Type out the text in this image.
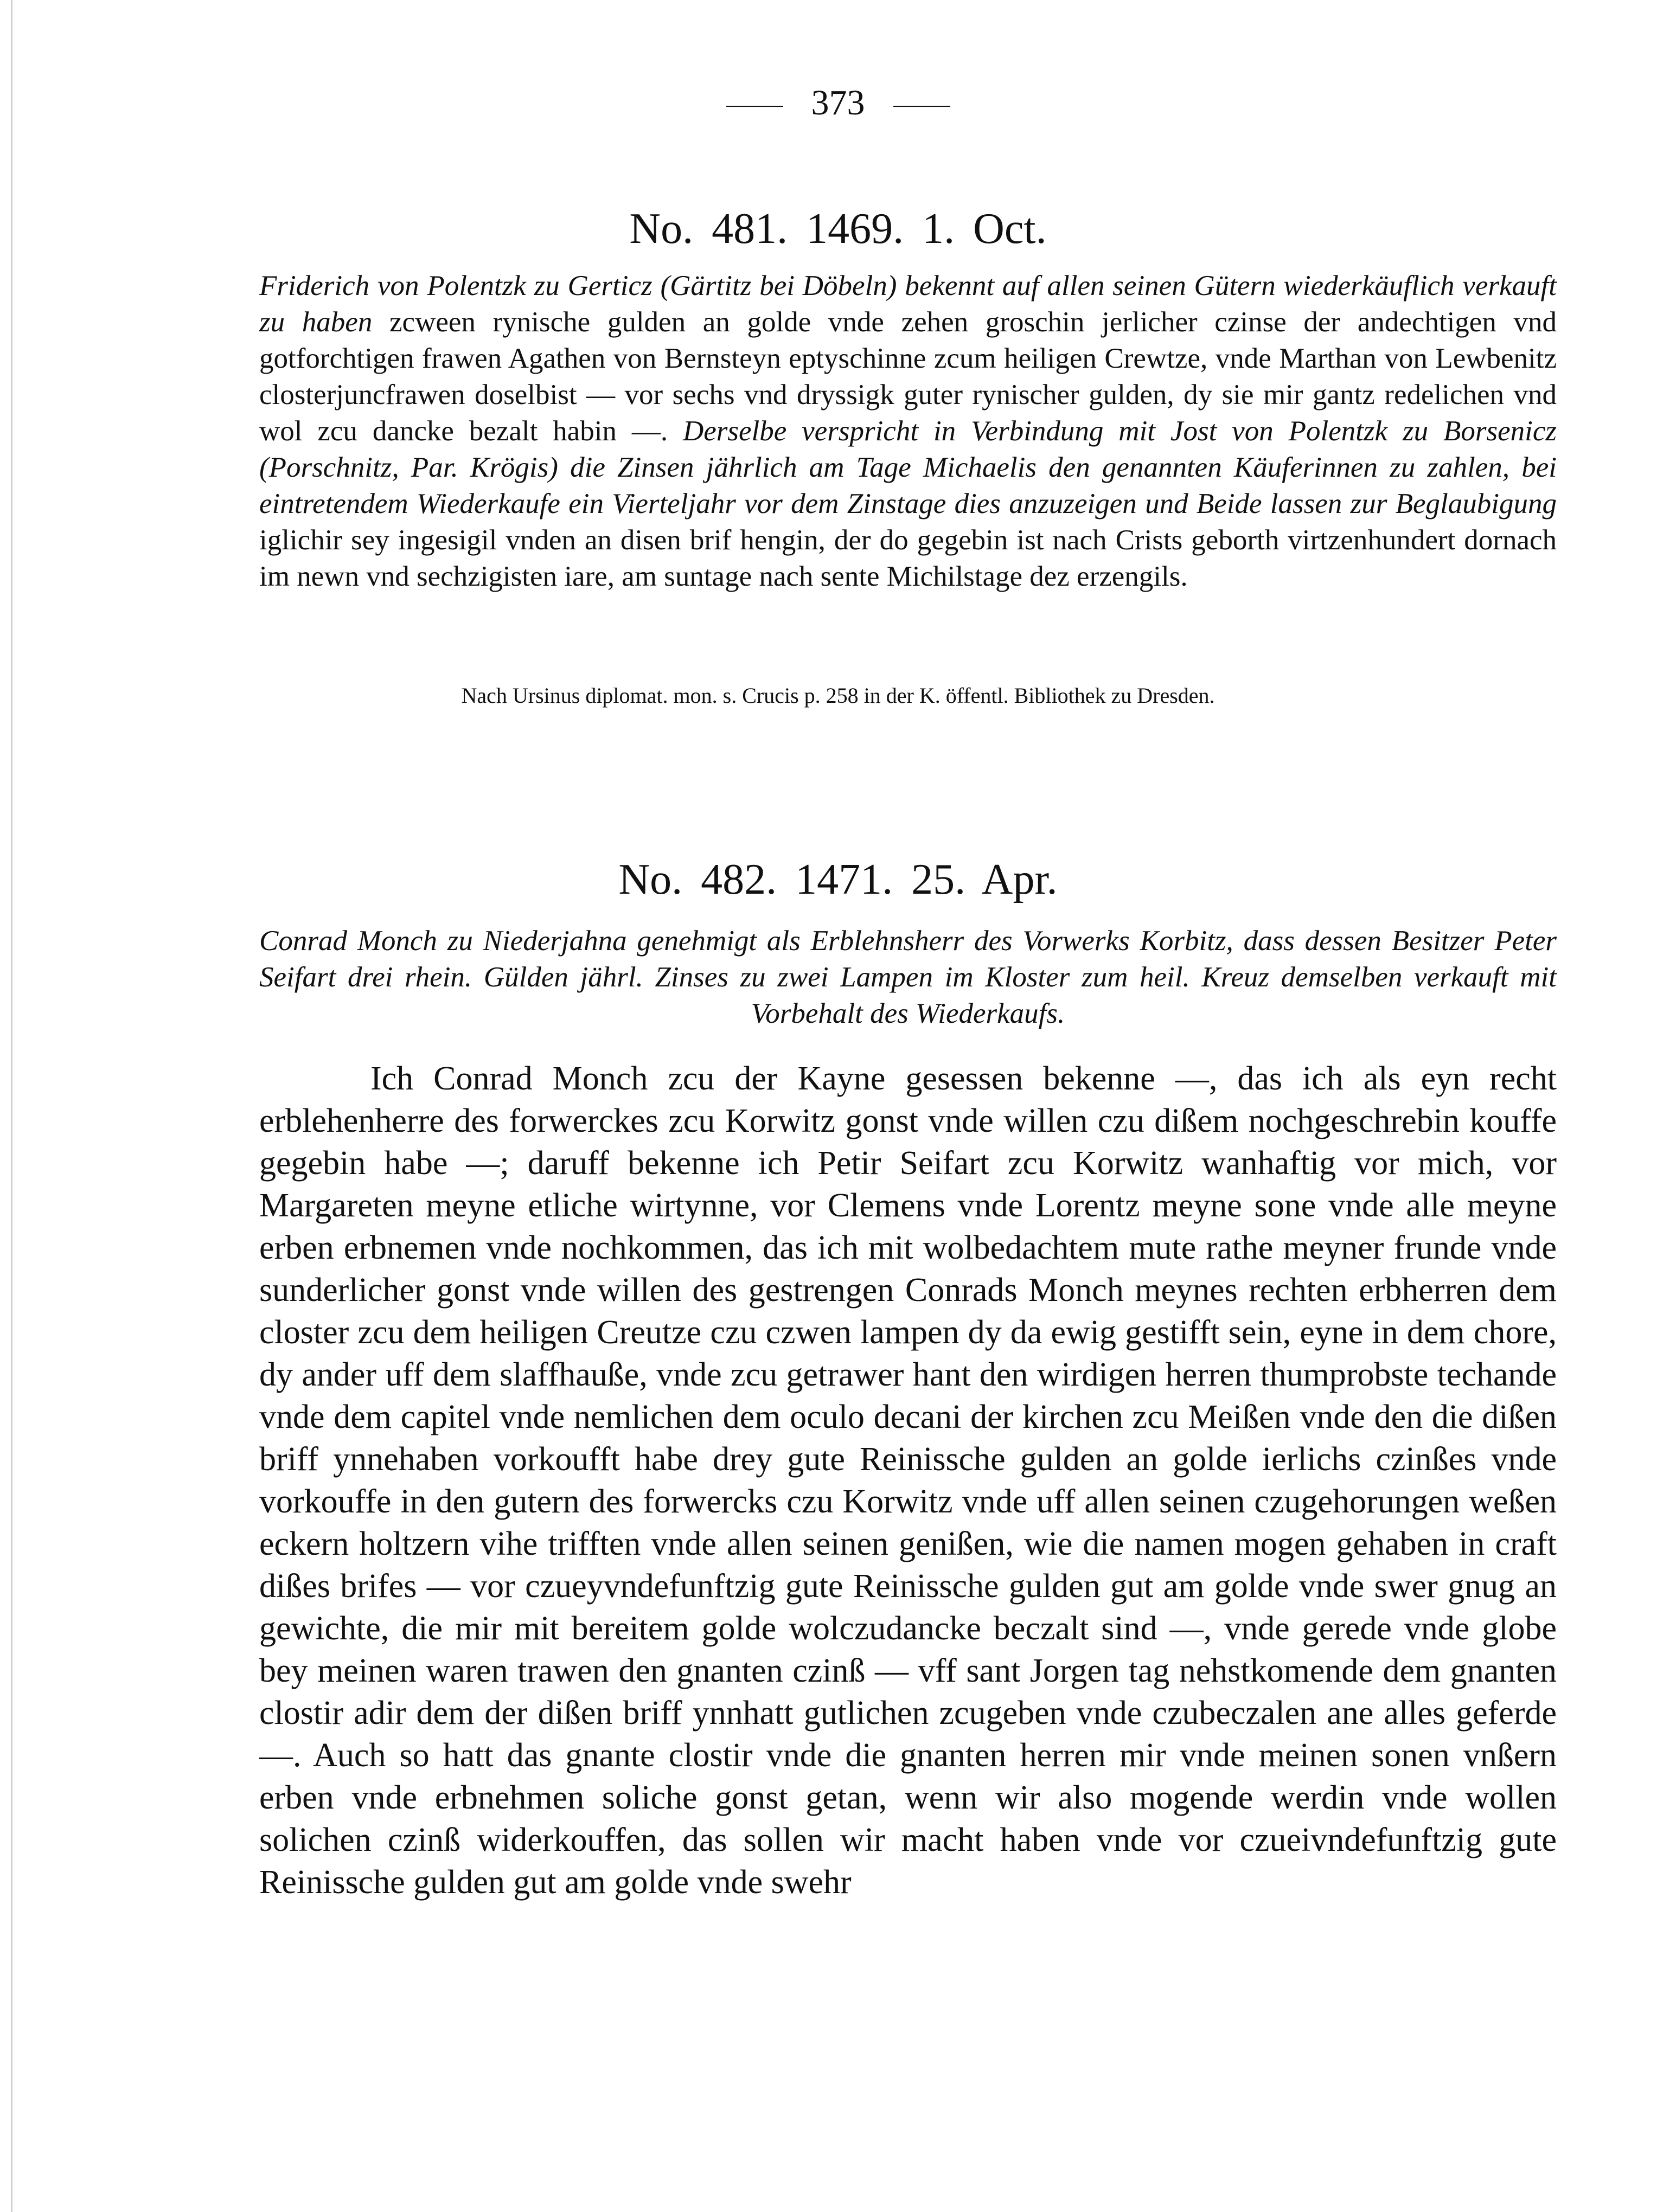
373
No. 481. 1469. 1. Oct.
Friderich von Polentzk zu Gerticz (Gärtitz bei Döbeln) bekennt auf allen seinen Gütern wiederkäuflich verkauft zu haben zcween rynische gulden an golde vnde zehen groschin jerlicher czinse der andechtigen vnd gotforchtigen frawen Agathen von Bernsteyn eptyschinne zcum heiligen Crewtze, vnde Marthan von Lewbenitz closterjuncfrawen doselbist — vor sechs vnd dryssigk guter rynischer gulden, dy sie mir gantz redelichen vnd wol zcu dancke bezalt habin —. Derselbe verspricht in Verbindung mit Jost von Polentzk zu Borsenicz (Porschnitz, Par. Krögis) die Zinsen jährlich am Tage Michaelis den genannten Käuferinnen zu zahlen, bei eintretendem Wiederkaufe ein Vierteljahr vor dem Zinstage dies anzuzeigen und Beide lassen zur Beglaubigung iglichir sey ingesigil vnden an disen brif hengin, der do gegebin ist nach Crists geborth virtzenhundert dornach im newn vnd sechzigisten iare, am suntage nach sente Michilstage dez erzengils.
Nach Ursinus diplomat. mon. s. Crucis p. 258 in der K. öffentl. Bibliothek zu Dresden.
No. 482. 1471. 25. Apr.
Conrad Monch zu Niederjahna genehmigt als Erblehnsherr des Vorwerks Korbitz, dass dessen Besitzer Peter Seifart drei rhein. Gülden jährl. Zinses zu zwei Lampen im Kloster zum heil. Kreuz demselben verkauft mit Vorbehalt des Wiederkaufs.
Ich Conrad Monch zcu der Kayne gesessen bekenne —, das ich als eyn recht erblehenherre des forwerckes zcu Korwitz gonst vnde willen czu dißem nochgeschrebin kouffe gegebin habe —; daruff bekenne ich Petir Seifart zcu Korwitz wanhaftig vor mich, vor Margareten meyne etliche wirtynne, vor Clemens vnde Lorentz meyne sone vnde alle meyne erben erbnemen vnde nochkommen, das ich mit wolbedachtem mute rathe meyner frunde vnde sunderlicher gonst vnde willen des gestrengen Conrads Monch meynes rechten erbherren dem closter zcu dem heiligen Creutze czu czwen lampen dy da ewig gestifft sein, eyne in dem chore, dy ander uff dem slaffhauße, vnde zcu getrawer hant den wirdigen herren thumprobste techande vnde dem capitel vnde nemlichen dem oculo decani der kirchen zcu Meißen vnde den die dißen briff ynnehaben vorkoufft habe drey gute Reinissche gulden an golde ierlichs czinßes vnde vorkouffe in den gutern des forwercks czu Korwitz vnde uff allen seinen czugehorungen weßen eckern holtzern vihe trifften vnde allen seinen genißen, wie die namen mogen gehaben in craft dißes brifes — vor czueyvndefunftzig gute Reinissche gulden gut am golde vnde swer gnug an gewichte, die mir mit bereitem golde wolczudancke beczalt sind —, vnde gerede vnde globe bey meinen waren trawen den gnanten czinß — vff sant Jorgen tag nehstkomende dem gnanten clostir adir dem der dißen briff ynnhatt gutlichen zcugeben vnde czubeczalen ane alles geferde —. Auch so hatt das gnante clostir vnde die gnanten herren mir vnde meinen sonen vnßern erben vnde erbnehmen soliche gonst getan, wenn wir also mogende werdin vnde wollen solichen czinß widerkouffen, das sollen wir macht haben vnde vor czueivndefunftzig gute Reinissche gulden gut am golde vnde swehr
